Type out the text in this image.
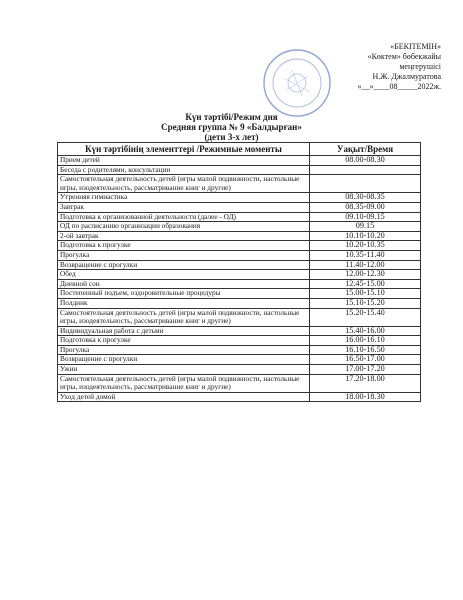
«БЕКІТЕМІН»
«Көктем» бөбекжайы
меңгерушісі
Н.Ж. Джалмуратова
«__»____08_____2022ж.
Күн тәртібі/Режим дня
Средняя группа № 9 «Балдырған»
(дети 3-х лет)
Күн тәртібінің элементтері /Режимные моменты	Уақыт/Время
Прием детей	08.00-08.30
Беседа с родителями, консультации	
Самостоятельная деятельность детей (игры малой подвижности, настольные игры, изодеятельность, рассматривание книг и другие)	
Утренняя гимнастика	08.30-08.35
Завтрак	08.35-09.00
Подготовка к организованной деятельности (далее - ОД)	09.10-09.15
ОД по расписанию организации образования	09.15
2-ой завтрак	10.10-10.20
Подготовка к прогулке	10.20-10.35
Прогулка	10.35-11.40
Возвращение с прогулки	11.40-12.00
Обед	12.00-12.30
Дневной сон	12.45-15.00
Постепенный подъем, оздоровительные процедуры	15.00-15.10
Полдник	15.10-15.20
Самостоятельная деятельность детей (игры малой подвижности, настольные игры, изодеятельность, рассматривание книг и другие)	15.20-15.40
Индивидуальная работа с детьми	15.40-16.00
Подготовка к прогулке	16.00-16.10
Прогулка	16.10-16.50
Возвращение с прогулки	16.50-17.00
Ужин	17.00-17.20
Самостоятельная деятельность детей (игры малой подвижности, настольные игры, изодеятельность, рассматривание книг и другие)	17.20-18.00
Уход детей домой	18.00-18.30
